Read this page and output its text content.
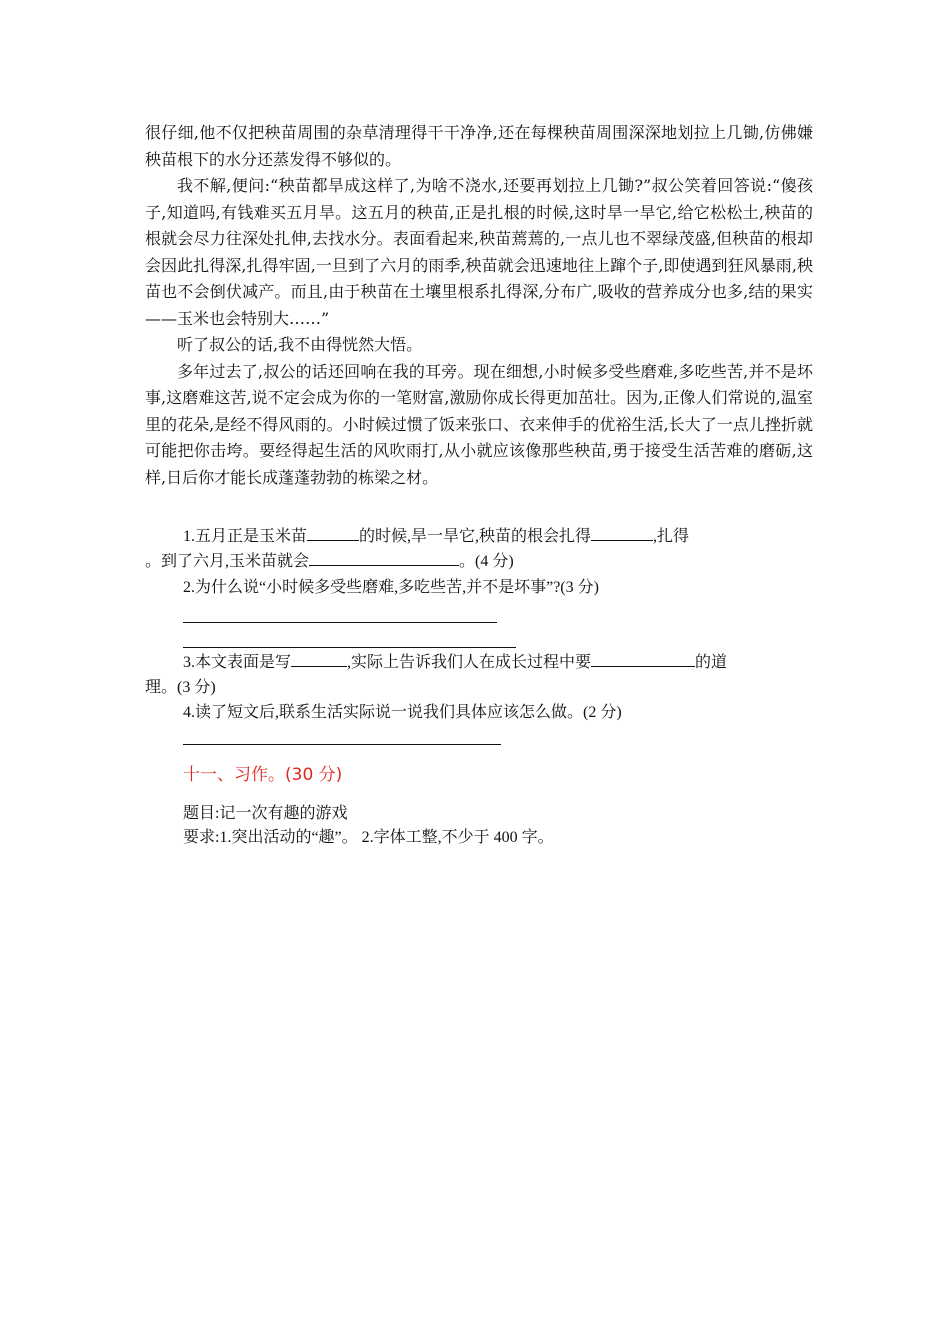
很仔细,他不仅把秧苗周围的杂草清理得干干净净,还在每棵秧苗周围深深地划拉上几锄,仿佛嫌秧苗根下的水分还蒸发得不够似的。

我不解,便问:“秧苗都旱成这样了,为啥不浇水,还要再划拉上几锄?”叔公笑着回答说:“傻孩子,知道吗,有钱难买五月旱。这五月的秧苗,正是扎根的时候,这时旱一旱它,给它松松土,秧苗的根就会尽力往深处扎伸,去找水分。表面看起来,秧苗蔫蔫的,一点儿也不翠绿茂盛,但秧苗的根却会因此扎得深,扎得牢固,一旦到了六月的雨季,秧苗就会迅速地往上蹿个子,即使遇到狂风暴雨,秧苗也不会倒伏减产。而且,由于秧苗在土壤里根系扎得深,分布广,吸收的营养成分也多,结的果实——玉米也会特别大……”

听了叔公的话,我不由得恍然大悟。

多年过去了,叔公的话还回响在我的耳旁。现在细想,小时候多受些磨难,多吃些苦,并不是坏事,这磨难这苦,说不定会成为你的一笔财富,激励你成长得更加茁壮。因为,正像人们常说的,温室里的花朵,是经不得风雨的。小时候过惯了饭来张口、衣来伸手的优裕生活,长大了一点儿挫折就可能把你击垮。要经得起生活的风吹雨打,从小就应该像那些秧苗,勇于接受生活苦难的磨砺,这样,日后你才能长成蓬蓬勃勃的栋梁之材。

1.五月正是玉米苗	的时候,旱一旱它,秧苗的根会扎得	,扎得
。到了六月,玉米苗就会	。(4 分)
2.为什么说“小时候多受些磨难,多吃些苦,并不是坏事”?(3 分)
3.本文表面是写	,实际上告诉我们人在成长过程中要	的道
理。(3 分)
4.读了短文后,联系生活实际说一说我们具体应该怎么做。(2 分)
十一、习作。(30 分)
题目:记一次有趣的游戏
要求:1.突出活动的“趣”。 2.字体工整,不少于 400 字。
